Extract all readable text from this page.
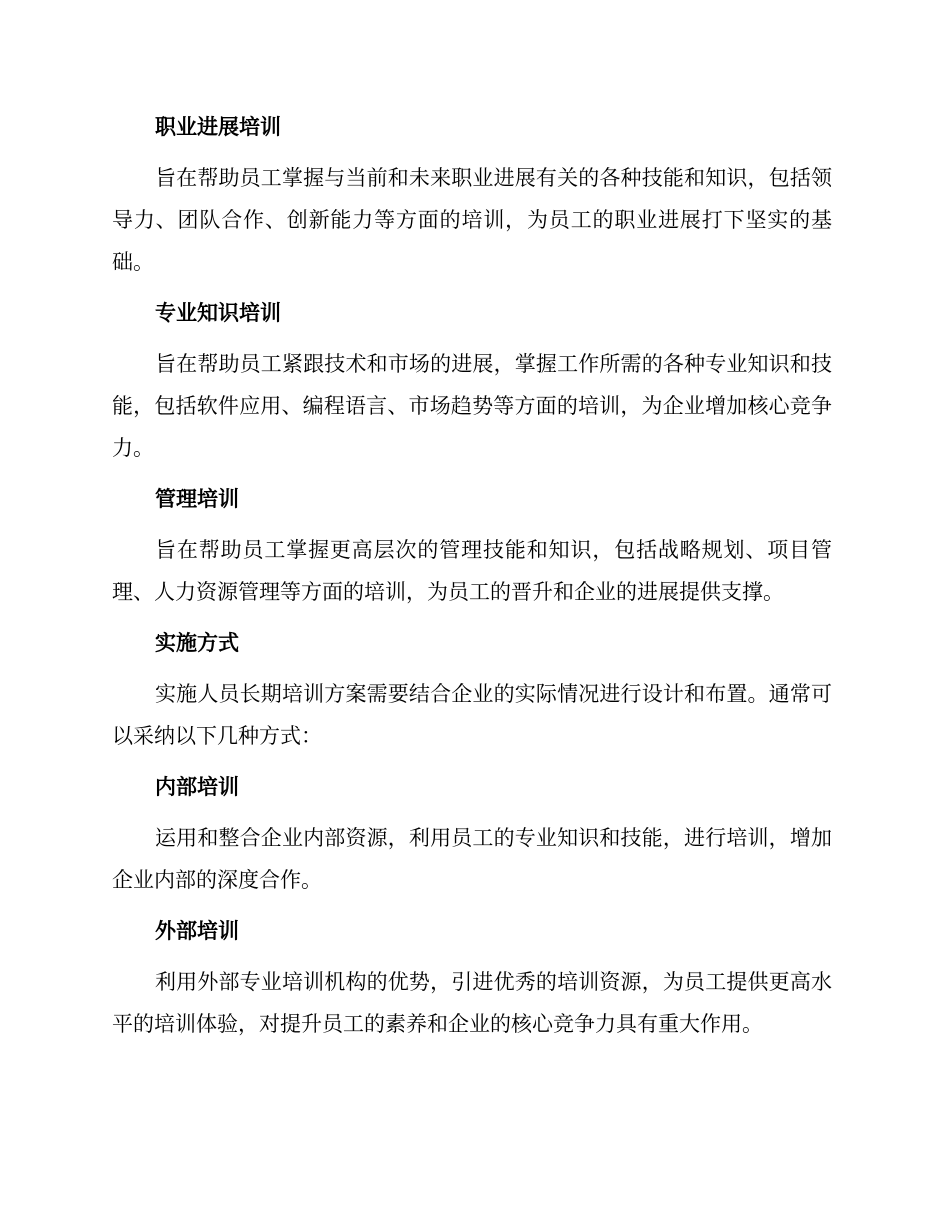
职业进展培训

旨在帮助员工掌握与当前和未来职业进展有关的各种技能和知识，包括领导力、团队合作、创新能力等方面的培训，为员工的职业进展打下坚实的基础。

专业知识培训

旨在帮助员工紧跟技术和市场的进展，掌握工作所需的各种专业知识和技能，包括软件应用、编程语言、市场趋势等方面的培训，为企业增加核心竞争力。

管理培训

旨在帮助员工掌握更高层次的管理技能和知识，包括战略规划、项目管理、人力资源管理等方面的培训，为员工的晋升和企业的进展提供支撑。

实施方式

实施人员长期培训方案需要结合企业的实际情况进行设计和布置。通常可以采纳以下几种方式：

内部培训

运用和整合企业内部资源，利用员工的专业知识和技能，进行培训，增加企业内部的深度合作。

外部培训

利用外部专业培训机构的优势，引进优秀的培训资源，为员工提供更高水平的培训体验，对提升员工的素养和企业的核心竞争力具有重大作用。
